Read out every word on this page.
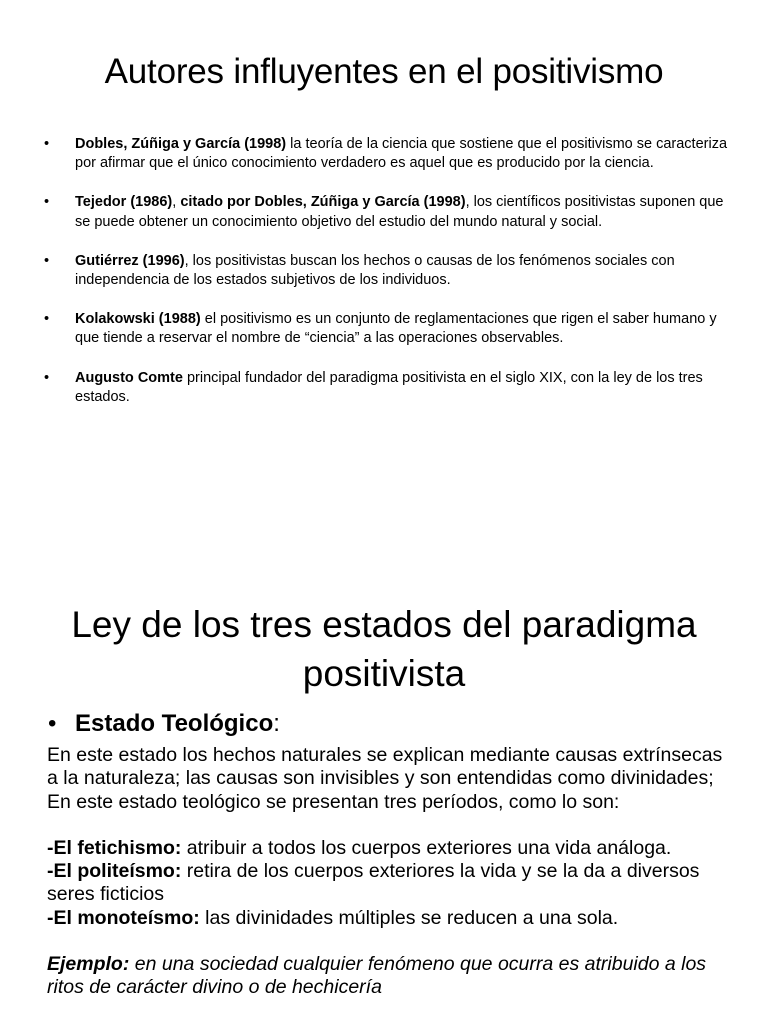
Autores influyentes en el positivismo
• Dobles, Zúñiga y García (1998) la teoría de la ciencia que sostiene que el positivismo se caracteriza por afirmar que el único conocimiento verdadero es aquel que es producido por la ciencia.
• Tejedor (1986), citado por Dobles, Zúñiga y García (1998), los científicos positivistas suponen que se puede obtener un conocimiento objetivo del estudio del mundo natural y social.
• Gutiérrez (1996), los positivistas buscan los hechos o causas de los fenómenos sociales con independencia de los estados subjetivos de los individuos.
• Kolakowski (1988) el positivismo es un conjunto de reglamentaciones que rigen el saber humano y que tiende a reservar el nombre de “ciencia” a las operaciones observables.
• Augusto Comte principal fundador del paradigma positivista en el siglo XIX, con la ley de los tres estados.
Ley de los tres estados del paradigma
positivista
• Estado Teológico:

En este estado los hechos naturales se explican mediante causas extrínsecas a la naturaleza; las causas son invisibles y son entendidas como divinidades; En este estado teológico se presentan tres períodos, como lo son:

-El fetichismo: atribuir a todos los cuerpos exteriores una vida análoga.

-El politeísmo: retira de los cuerpos exteriores la vida y se la da a diversos seres ficticios

-El monoteísmo: las divinidades múltiples se reducen a una sola.

Ejemplo: en una sociedad cualquier fenómeno que ocurra es atribuido a los ritos de carácter divino o de hechicería
